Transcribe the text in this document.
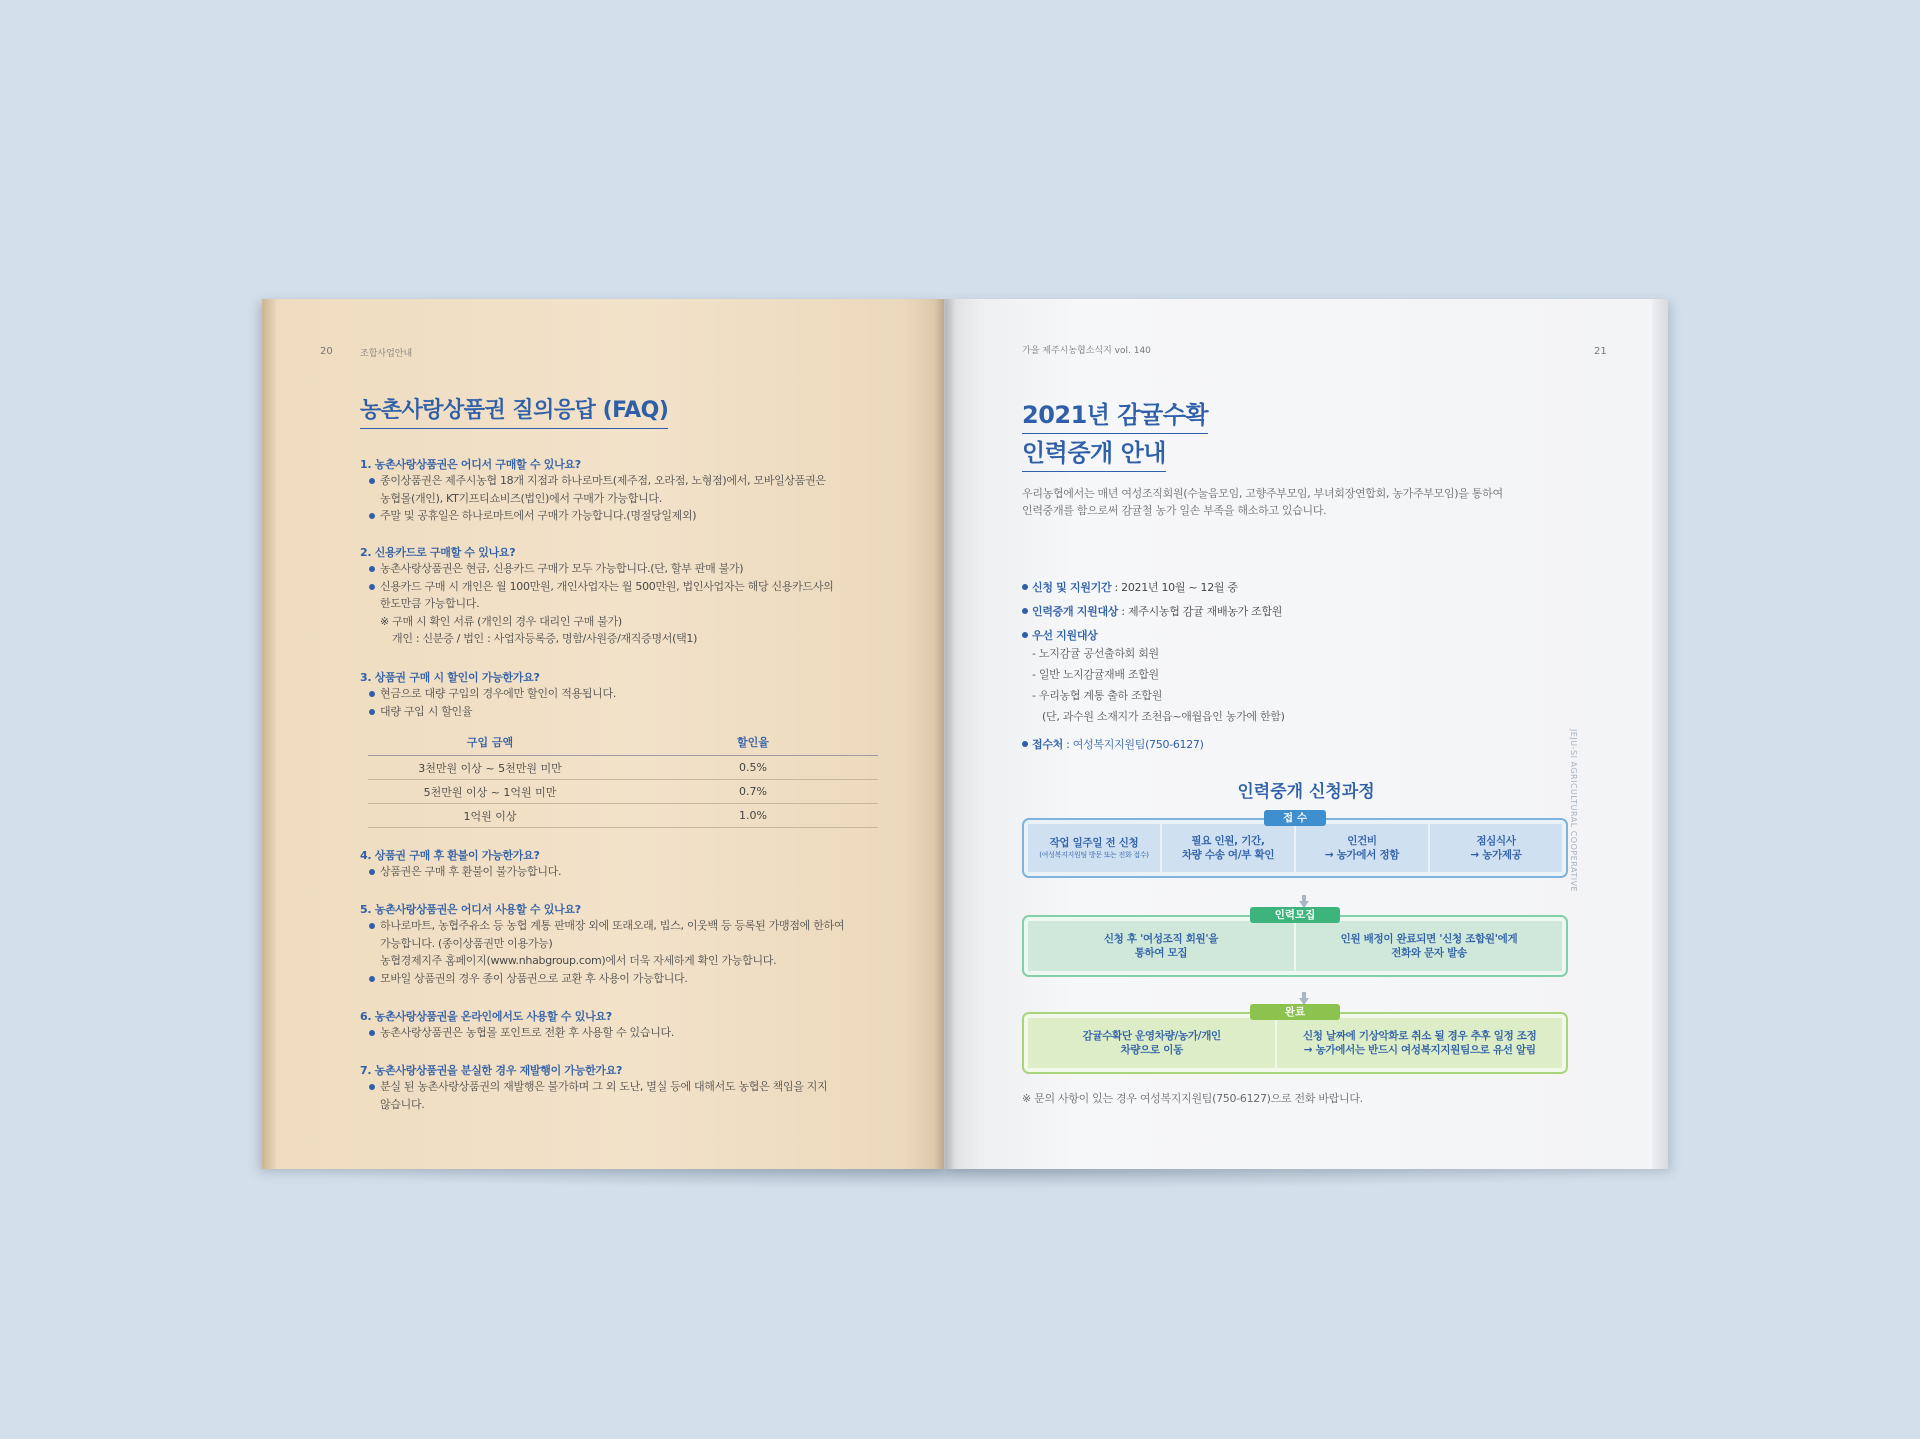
20	조합사업안내
농촌사랑상품권 질의응답 (FAQ)
1. 농촌사랑상품권은 어디서 구매할 수 있나요?
종이상품권은 제주시농협 18개 지점과 하나로마트(제주점, 오라점, 노형점)에서, 모바일상품권은
농협몰(개인), KT기프티쇼비즈(법인)에서 구매가 가능합니다.
주말 및 공휴일은 하나로마트에서 구매가 가능합니다.(명절당일제외)
2. 신용카드로 구매할 수 있나요?
농촌사랑상품권은 현금, 신용카드 구매가 모두 가능합니다.(단, 할부 판매 불가)
신용카드 구매 시 개인은 월 100만원, 개인사업자는 월 500만원, 법인사업자는 해당 신용카드사의
한도만큼 가능합니다.
※ 구매 시 확인 서류 (개인의 경우 대리인 구매 불가)
개인 : 신분증 / 법인 : 사업자등록증, 명함/사원증/재직증명서(택1)
3. 상품권 구매 시 할인이 가능한가요?
현금으로 대량 구입의 경우에만 할인이 적용됩니다.
대량 구입 시 할인율
구입 금액	할인율
3천만원 이상 ~ 5천만원 미만	0.5%
5천만원 이상 ~ 1억원 미만	0.7%
1억원 이상	1.0%
4. 상품권 구매 후 환불이 가능한가요?
상품권은 구매 후 환불이 불가능합니다.
5. 농촌사랑상품권은 어디서 사용할 수 있나요?
하나로마트, 농협주유소 등 농협 계통 판매장 외에 또래오래, 빕스, 이웃백 등 등록된 가맹점에 한하여
가능합니다. (종이상품권만 이용가능)
농협경제지주 홈페이지(www.nhabgroup.com)에서 더욱 자세하게 확인 가능합니다.
모바일 상품권의 경우 종이 상품권으로 교환 후 사용이 가능합니다.
6. 농촌사랑상품권을 온라인에서도 사용할 수 있나요?
농촌사랑상품권은 농협몰 포인트로 전환 후 사용할 수 있습니다.
7. 농촌사랑상품권을 분실한 경우 재발행이 가능한가요?
분실 된 농촌사랑상품권의 재발행은 불가하며 그 외 도난, 멸실 등에 대해서도 농협은 책임을 지지
않습니다.
가을 제주시농협소식지 vol. 140	21
2021년 감귤수확
인력중개 안내
우리농협에서는 매년 여성조직회원(수눌음모임, 고향주부모임, 부녀회장연합회, 농가주부모임)을 통하여
인력중개를 함으로써 감귤철 농가 일손 부족을 해소하고 있습니다.
신청 및 지원기간 : 2021년 10월 ~ 12월 중
인력중개 지원대상 : 제주시농협 감귤 재배농가 조합원
우선 지원대상
- 노지감귤 공선출하회 회원
- 일반 노지감귤재배 조합원
- 우리농협 계통 출하 조합원
(단, 과수원 소재지가 조천읍~애월읍인 농가에 한함)
접수처 : 여성복지지원팀(750-6127)	JEJU-SI AGRICULTURAL COOPERATIVE
인력중개 신청과정
접 수
작업 일주일 전 신청
(여성복지지원팀 방문 또는 전화 접수)
필요 인원, 기간,
차량 수송 여/부 확인
인건비
→ 농가에서 정함
점심식사
→ 농가제공
인력모집
신청 후 '여성조직 회원'을
통하여 모집
인원 배정이 완료되면 '신청 조합원'에게
전화와 문자 발송
완료
감귤수확단 운영차량/농가/개인
차량으로 이동
신청 날짜에 기상악화로 취소 될 경우 추후 일정 조정
→ 농가에서는 반드시 여성복지지원팀으로 유선 알림
※ 문의 사항이 있는 경우 여성복지지원팀(750-6127)으로 전화 바랍니다.
